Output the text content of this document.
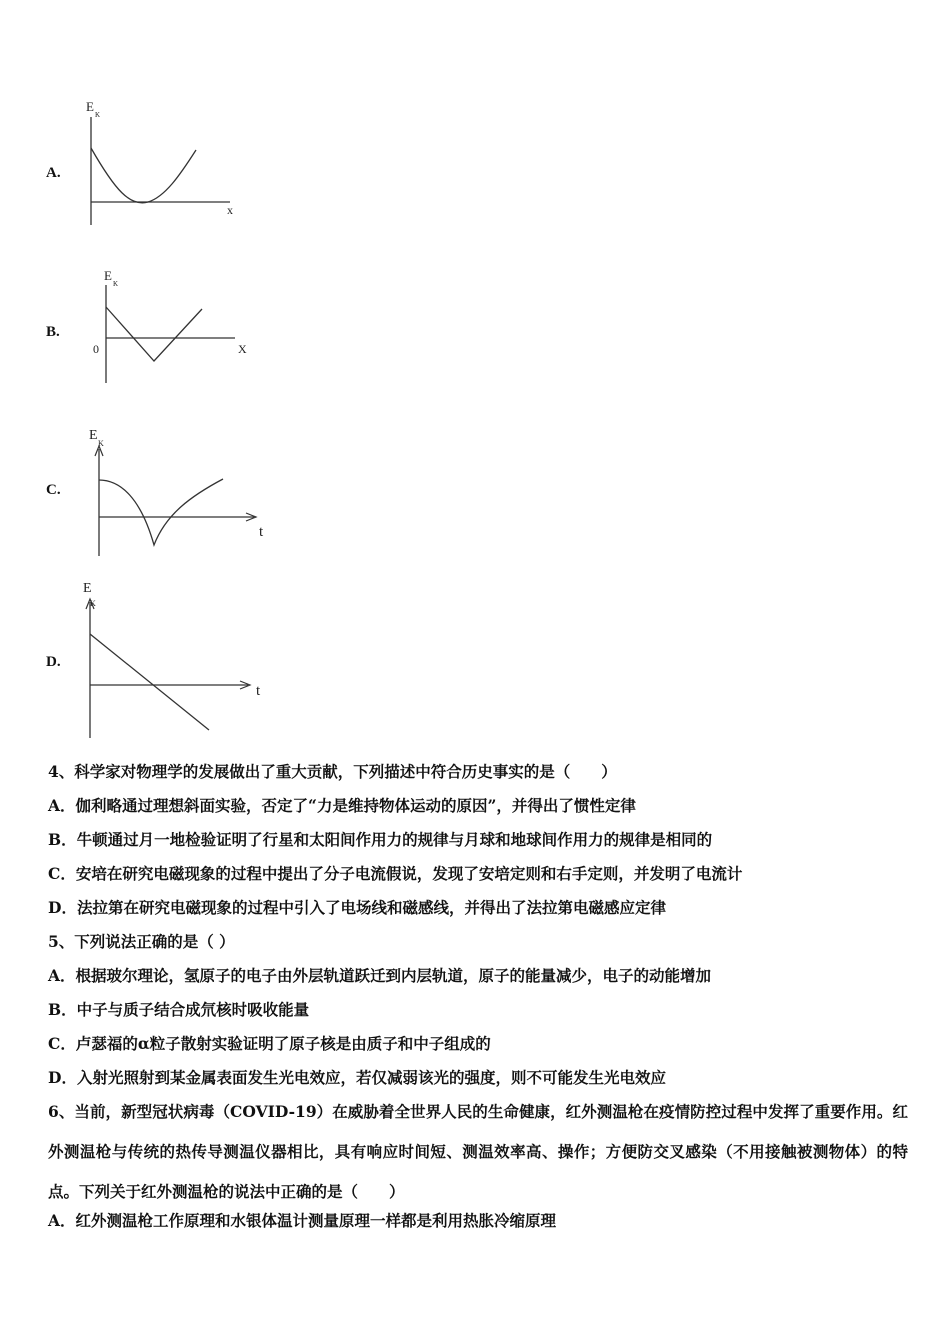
A.
E
K
x
B.
E
K
0	X
C.
E
K
t
D.
E
K
t
4、科学家对物理学的发展做出了重大贡献，下列描述中符合历史事实的是（　　）
A．伽利略通过理想斜面实验，否定了“力是维持物体运动的原因”，并得出了惯性定律
B．牛顿通过月一地检验证明了行星和太阳间作用力的规律与月球和地球间作用力的规律是相同的
C．安培在研究电磁现象的过程中提出了分子电流假说，发现了安培定则和右手定则，并发明了电流计
D．法拉第在研究电磁现象的过程中引入了电场线和磁感线，并得出了法拉第电磁感应定律
5、下列说法正确的是（ ）
A．根据玻尔理论，氢原子的电子由外层轨道跃迁到内层轨道，原子的能量减少，电子的动能增加
B．中子与质子结合成氘核时吸收能量
C．卢瑟福的α粒子散射实验证明了原子核是由质子和中子组成的
D．入射光照射到某金属表面发生光电效应，若仅减弱该光的强度，则不可能发生光电效应
6、当前，新型冠状病毒（COVID-19）在威胁着全世界人民的生命健康，红外测温枪在疫情防控过程中发挥了重要作用。红外测温枪与传统的热传导测温仪器相比，具有响应时间短、测温效率高、操作；方便防交叉感染（不用接触被测物体）的特点。下列关于红外测温枪的说法中正确的是（　　）
A．红外测温枪工作原理和水银体温计测量原理一样都是利用热胀冷缩原理
